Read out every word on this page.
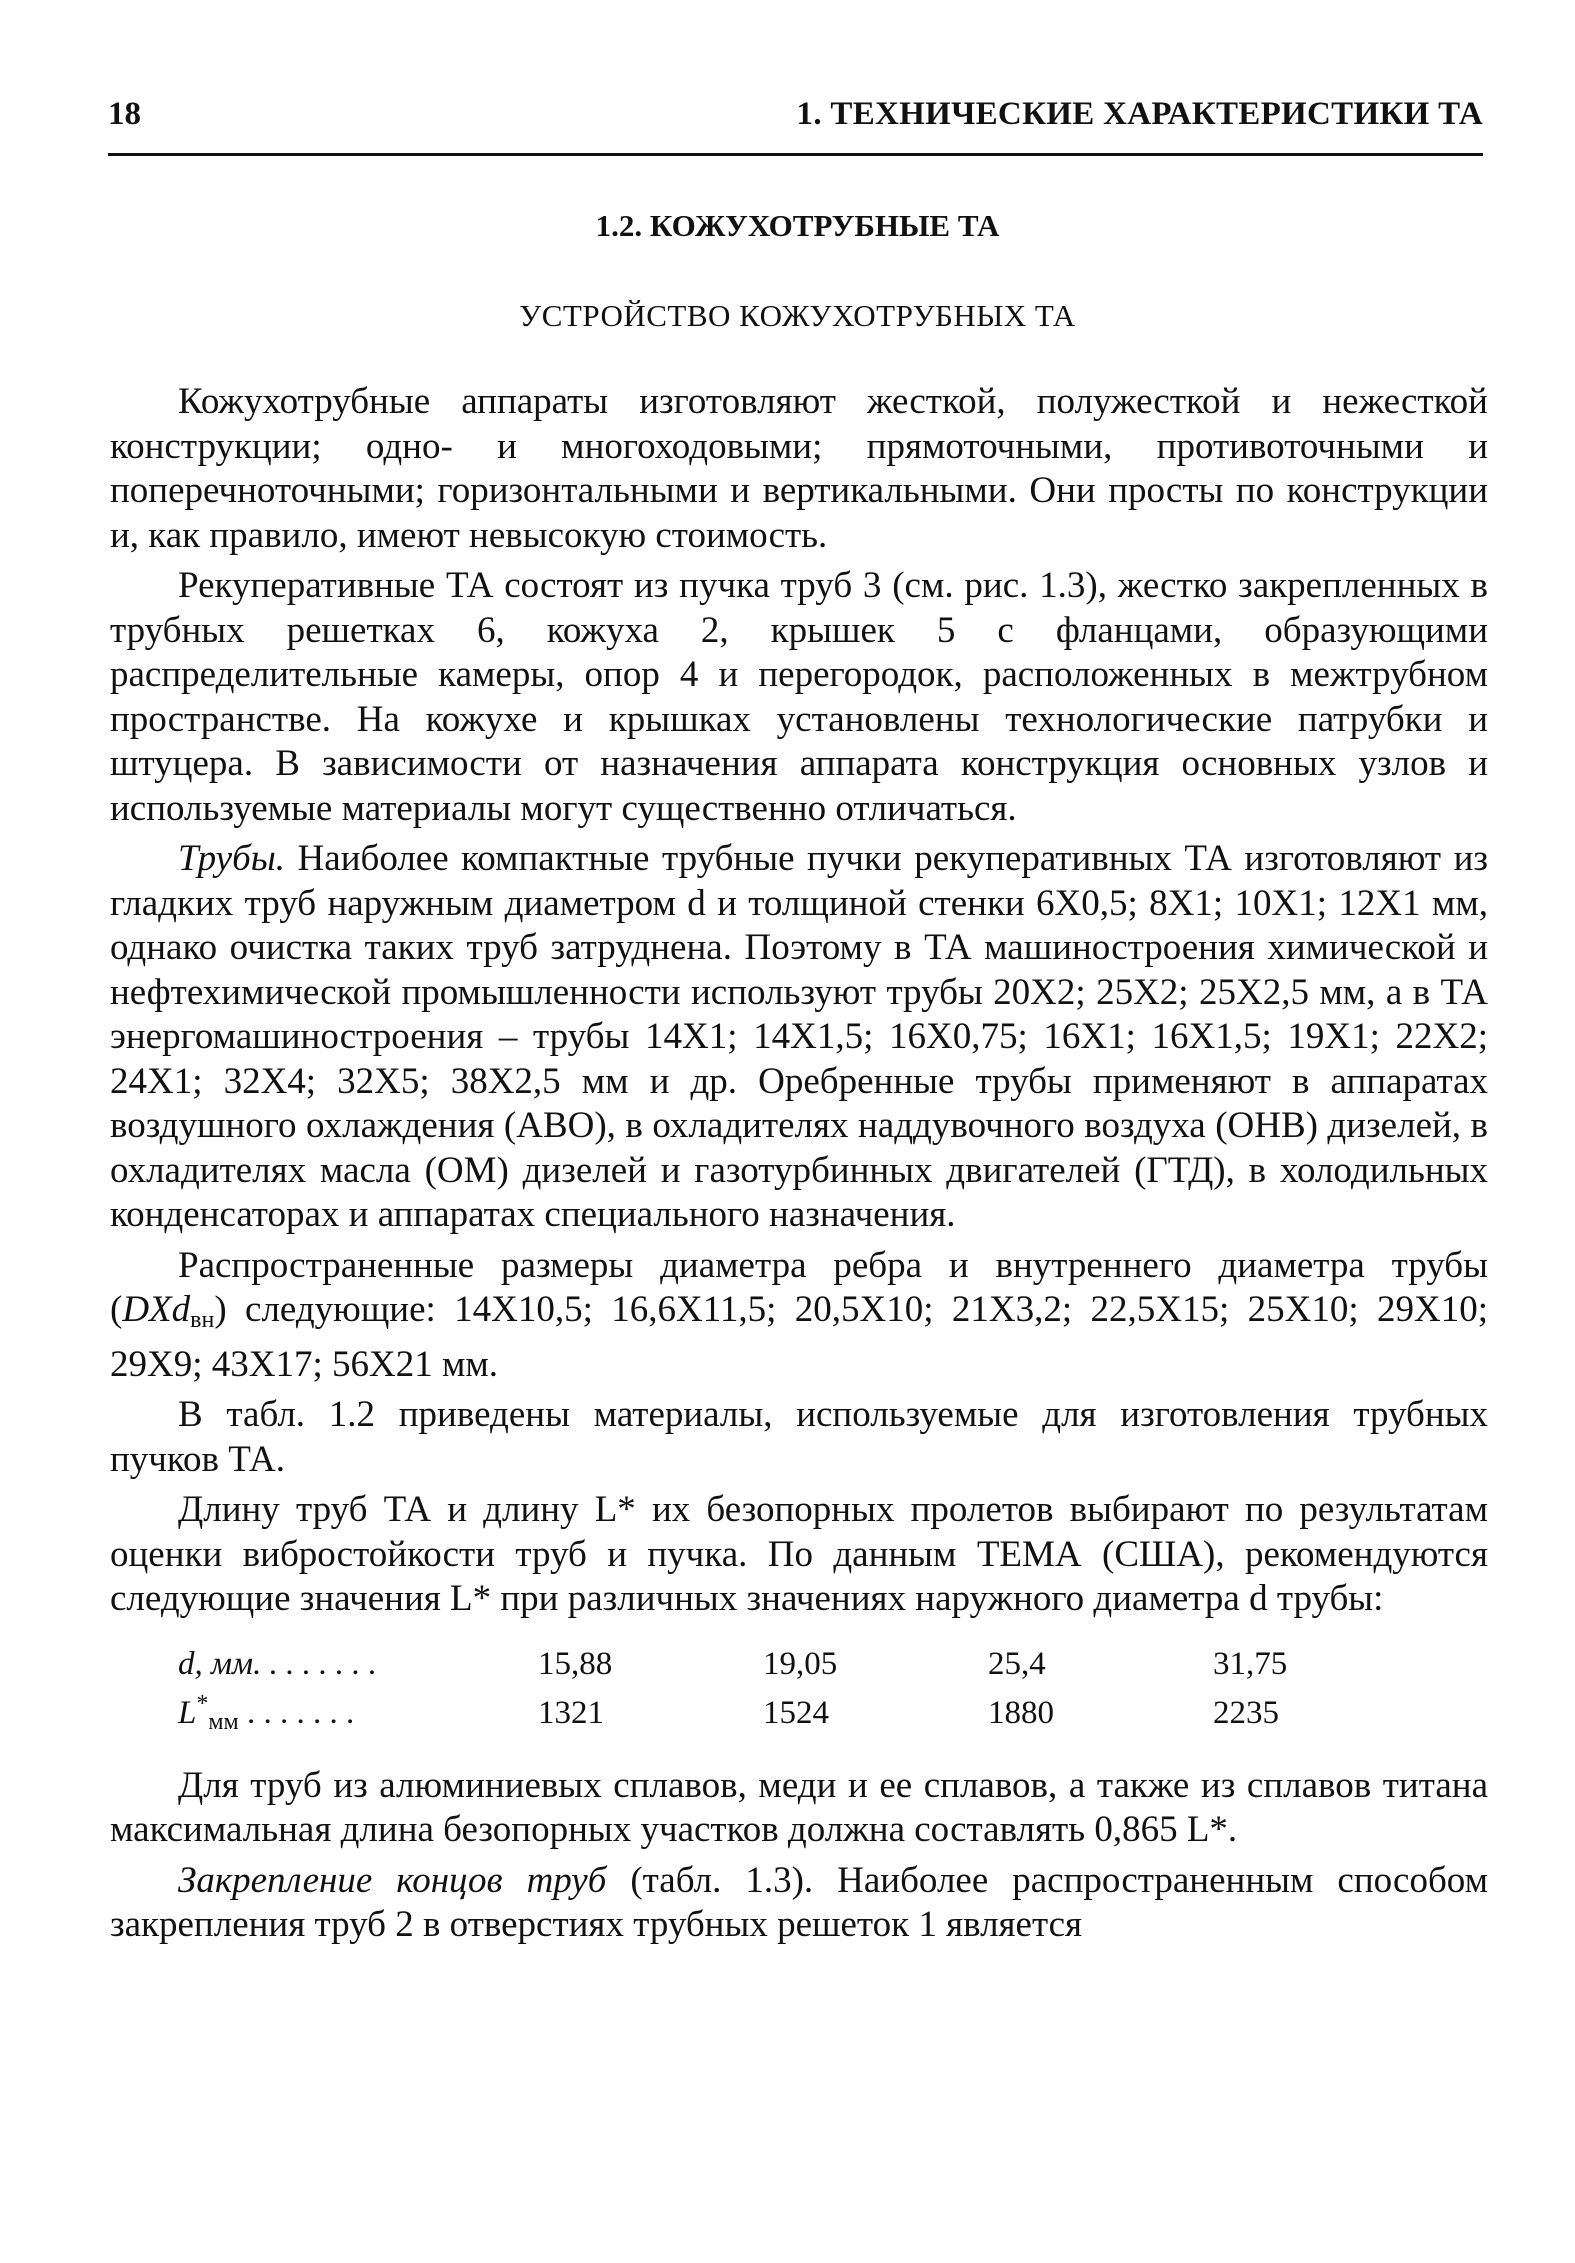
18	1. ТЕХНИЧЕСКИЕ ХАРАКТЕРИСТИКИ ТА
1.2. КОЖУХОТРУБНЫЕ ТА
УСТРОЙСТВО КОЖУХОТРУБНЫХ ТА

Кожухотрубные аппараты изготовляют жесткой, полужесткой и нежесткой конструкции; одно- и многоходовыми; прямоточными, противоточными и поперечноточными; горизонтальными и вертикальными. Они просты по конструкции и, как правило, имеют невысокую стоимость.

Рекуперативные ТА состоят из пучка труб 3 (см. рис. 1.3), жестко закрепленных в трубных решетках 6, кожуха 2, крышек 5 с фланцами, образующими распределительные камеры, опор 4 и перегородок, расположенных в межтрубном пространстве. На кожухе и крышках установлены технологические патрубки и штуцера. В зависимости от назначения аппарата конструкция основных узлов и используемые материалы могут существенно отличаться.

Трубы. Наиболее компактные трубные пучки рекуперативных ТА изготовляют из гладких труб наружным диаметром d и толщиной стенки 6Х0,5; 8Х1; 10Х1; 12Х1 мм, однако очистка таких труб затруднена. Поэтому в ТА машиностроения химической и нефтехимической промышленности используют трубы 20Х2; 25Х2; 25Х2,5 мм, а в ТА энергомашиностроения – трубы 14Х1; 14Х1,5; 16Х0,75; 16Х1; 16Х1,5; 19Х1; 22Х2; 24Х1; 32Х4; 32Х5; 38Х2,5 мм и др. Оребренные трубы применяют в аппаратах воздушного охлаждения (АВО), в охладителях наддувочного воздуха (ОНВ) дизелей, в охладителях масла (ОМ) дизелей и газотурбинных двигателей (ГТД), в холодильных конденсаторах и аппаратах специального назначения.

Распространенные размеры диаметра ребра и внутреннего диаметра трубы (DXd$_{вн}$) следующие: 14Х10,5; 16,6Х11,5; 20,5Х10; 21Х3,2; 22,5Х15; 25Х10; 29Х10; 29Х9; 43Х17; 56Х21 мм.

В табл. 1.2 приведены материалы, используемые для изготовления трубных пучков ТА.

Длину труб ТА и длину L* их безопорных пролетов выбирают по результатам оценки вибростойкости труб и пучка. По данным ТЕМА (США), рекомендуются следующие значения L* при различных значениях наружного диаметра d трубы:

d, мм. . . . . . . .	15,88	19,05	25,4	31,75
$L^*_{мм}$ . . . . . . .	1321	1524	1880	2235

Для труб из алюминиевых сплавов, меди и ее сплавов, а также из сплавов титана максимальная длина безопорных участков должна составлять 0,865 L*.

Закрепление концов труб (табл. 1.3). Наиболее распространенным способом закрепления труб 2 в отверстиях трубных решеток 1 является
